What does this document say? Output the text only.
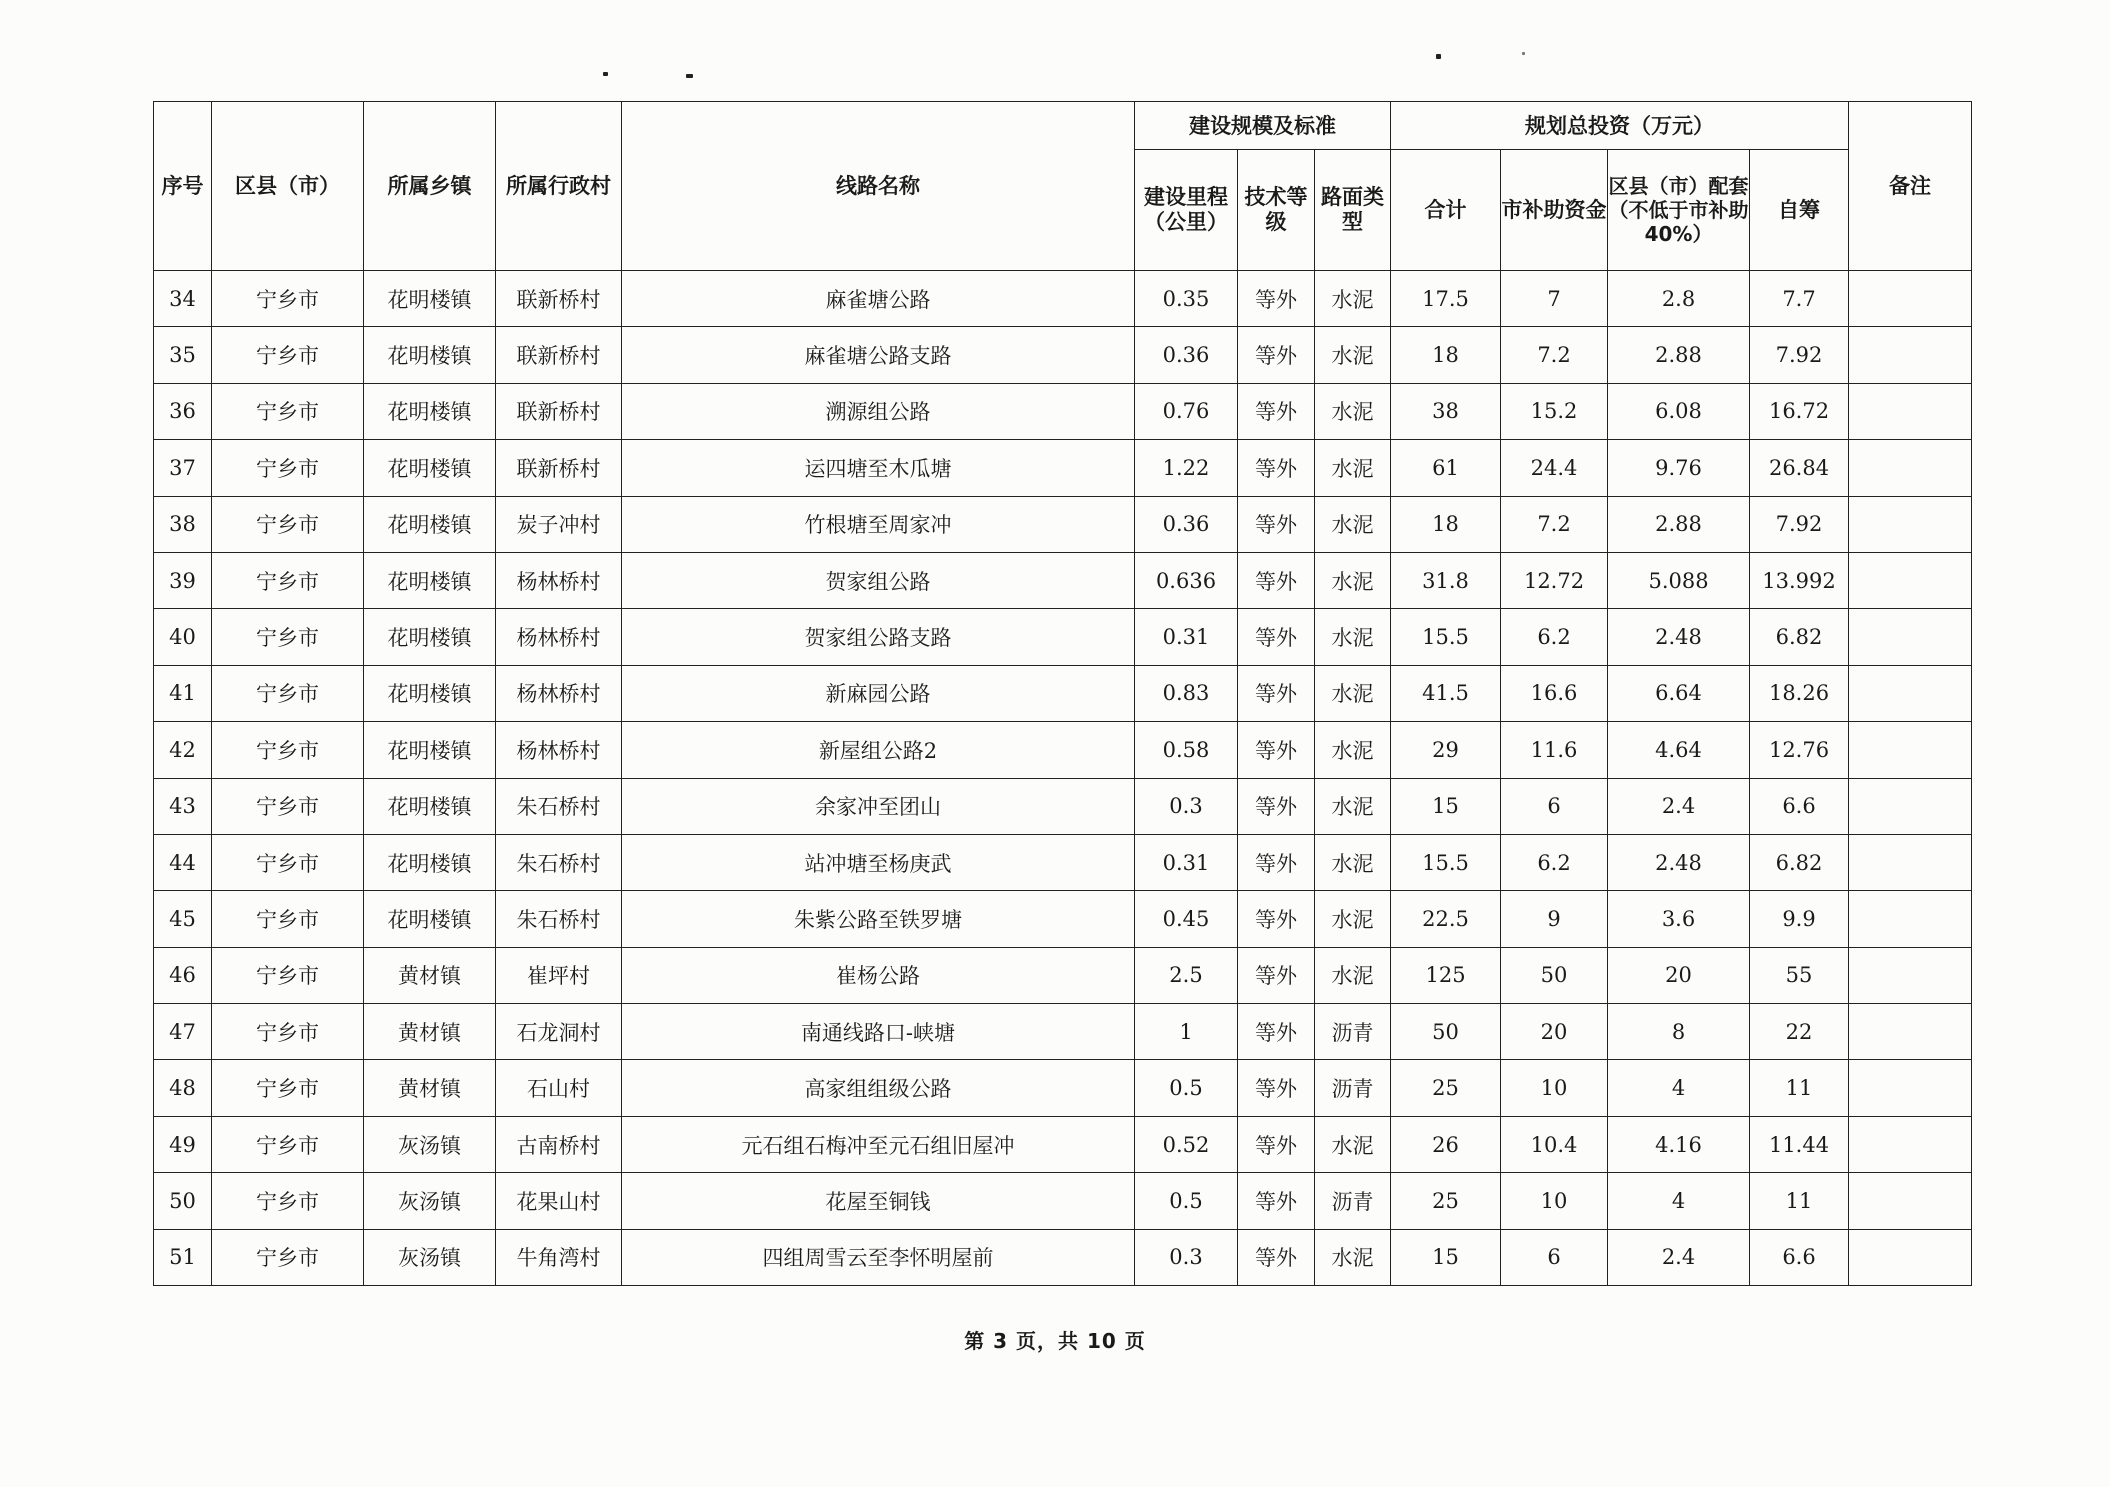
序号	区县（市）	所属乡镇	所属行政村	线路名称	建设规模及标准			规划总投资（万元）				备注
					建设里程（公里）	技术等级	路面类型	合计	市补助资金	区县（市）配套（不低于市补助40%）	自筹	
34	宁乡市	花明楼镇	联新桥村	麻雀塘公路	0.35	等外	水泥	17.5	7	2.8	7.7	
35	宁乡市	花明楼镇	联新桥村	麻雀塘公路支路	0.36	等外	水泥	18	7.2	2.88	7.92	
36	宁乡市	花明楼镇	联新桥村	溯源组公路	0.76	等外	水泥	38	15.2	6.08	16.72	
37	宁乡市	花明楼镇	联新桥村	运四塘至木瓜塘	1.22	等外	水泥	61	24.4	9.76	26.84	
38	宁乡市	花明楼镇	炭子冲村	竹根塘至周家冲	0.36	等外	水泥	18	7.2	2.88	7.92	
39	宁乡市	花明楼镇	杨林桥村	贺家组公路	0.636	等外	水泥	31.8	12.72	5.088	13.992	
40	宁乡市	花明楼镇	杨林桥村	贺家组公路支路	0.31	等外	水泥	15.5	6.2	2.48	6.82	
41	宁乡市	花明楼镇	杨林桥村	新麻园公路	0.83	等外	水泥	41.5	16.6	6.64	18.26	
42	宁乡市	花明楼镇	杨林桥村	新屋组公路2	0.58	等外	水泥	29	11.6	4.64	12.76	
43	宁乡市	花明楼镇	朱石桥村	余家冲至团山	0.3	等外	水泥	15	6	2.4	6.6	
44	宁乡市	花明楼镇	朱石桥村	站冲塘至杨庚武	0.31	等外	水泥	15.5	6.2	2.48	6.82	
45	宁乡市	花明楼镇	朱石桥村	朱紫公路至铁罗塘	0.45	等外	水泥	22.5	9	3.6	9.9	
46	宁乡市	黄材镇	崔坪村	崔杨公路	2.5	等外	水泥	125	50	20	55	
47	宁乡市	黄材镇	石龙洞村	南通线路口-峡塘	1	等外	沥青	50	20	8	22	
48	宁乡市	黄材镇	石山村	高家组组级公路	0.5	等外	沥青	25	10	4	11	
49	宁乡市	灰汤镇	古南桥村	元石组石梅冲至元石组旧屋冲	0.52	等外	水泥	26	10.4	4.16	11.44	
50	宁乡市	灰汤镇	花果山村	花屋至铜钱	0.5	等外	沥青	25	10	4	11	
51	宁乡市	灰汤镇	牛角湾村	四组周雪云至李怀明屋前	0.3	等外	水泥	15	6	2.4	6.6	
第 3 页，共 10 页
